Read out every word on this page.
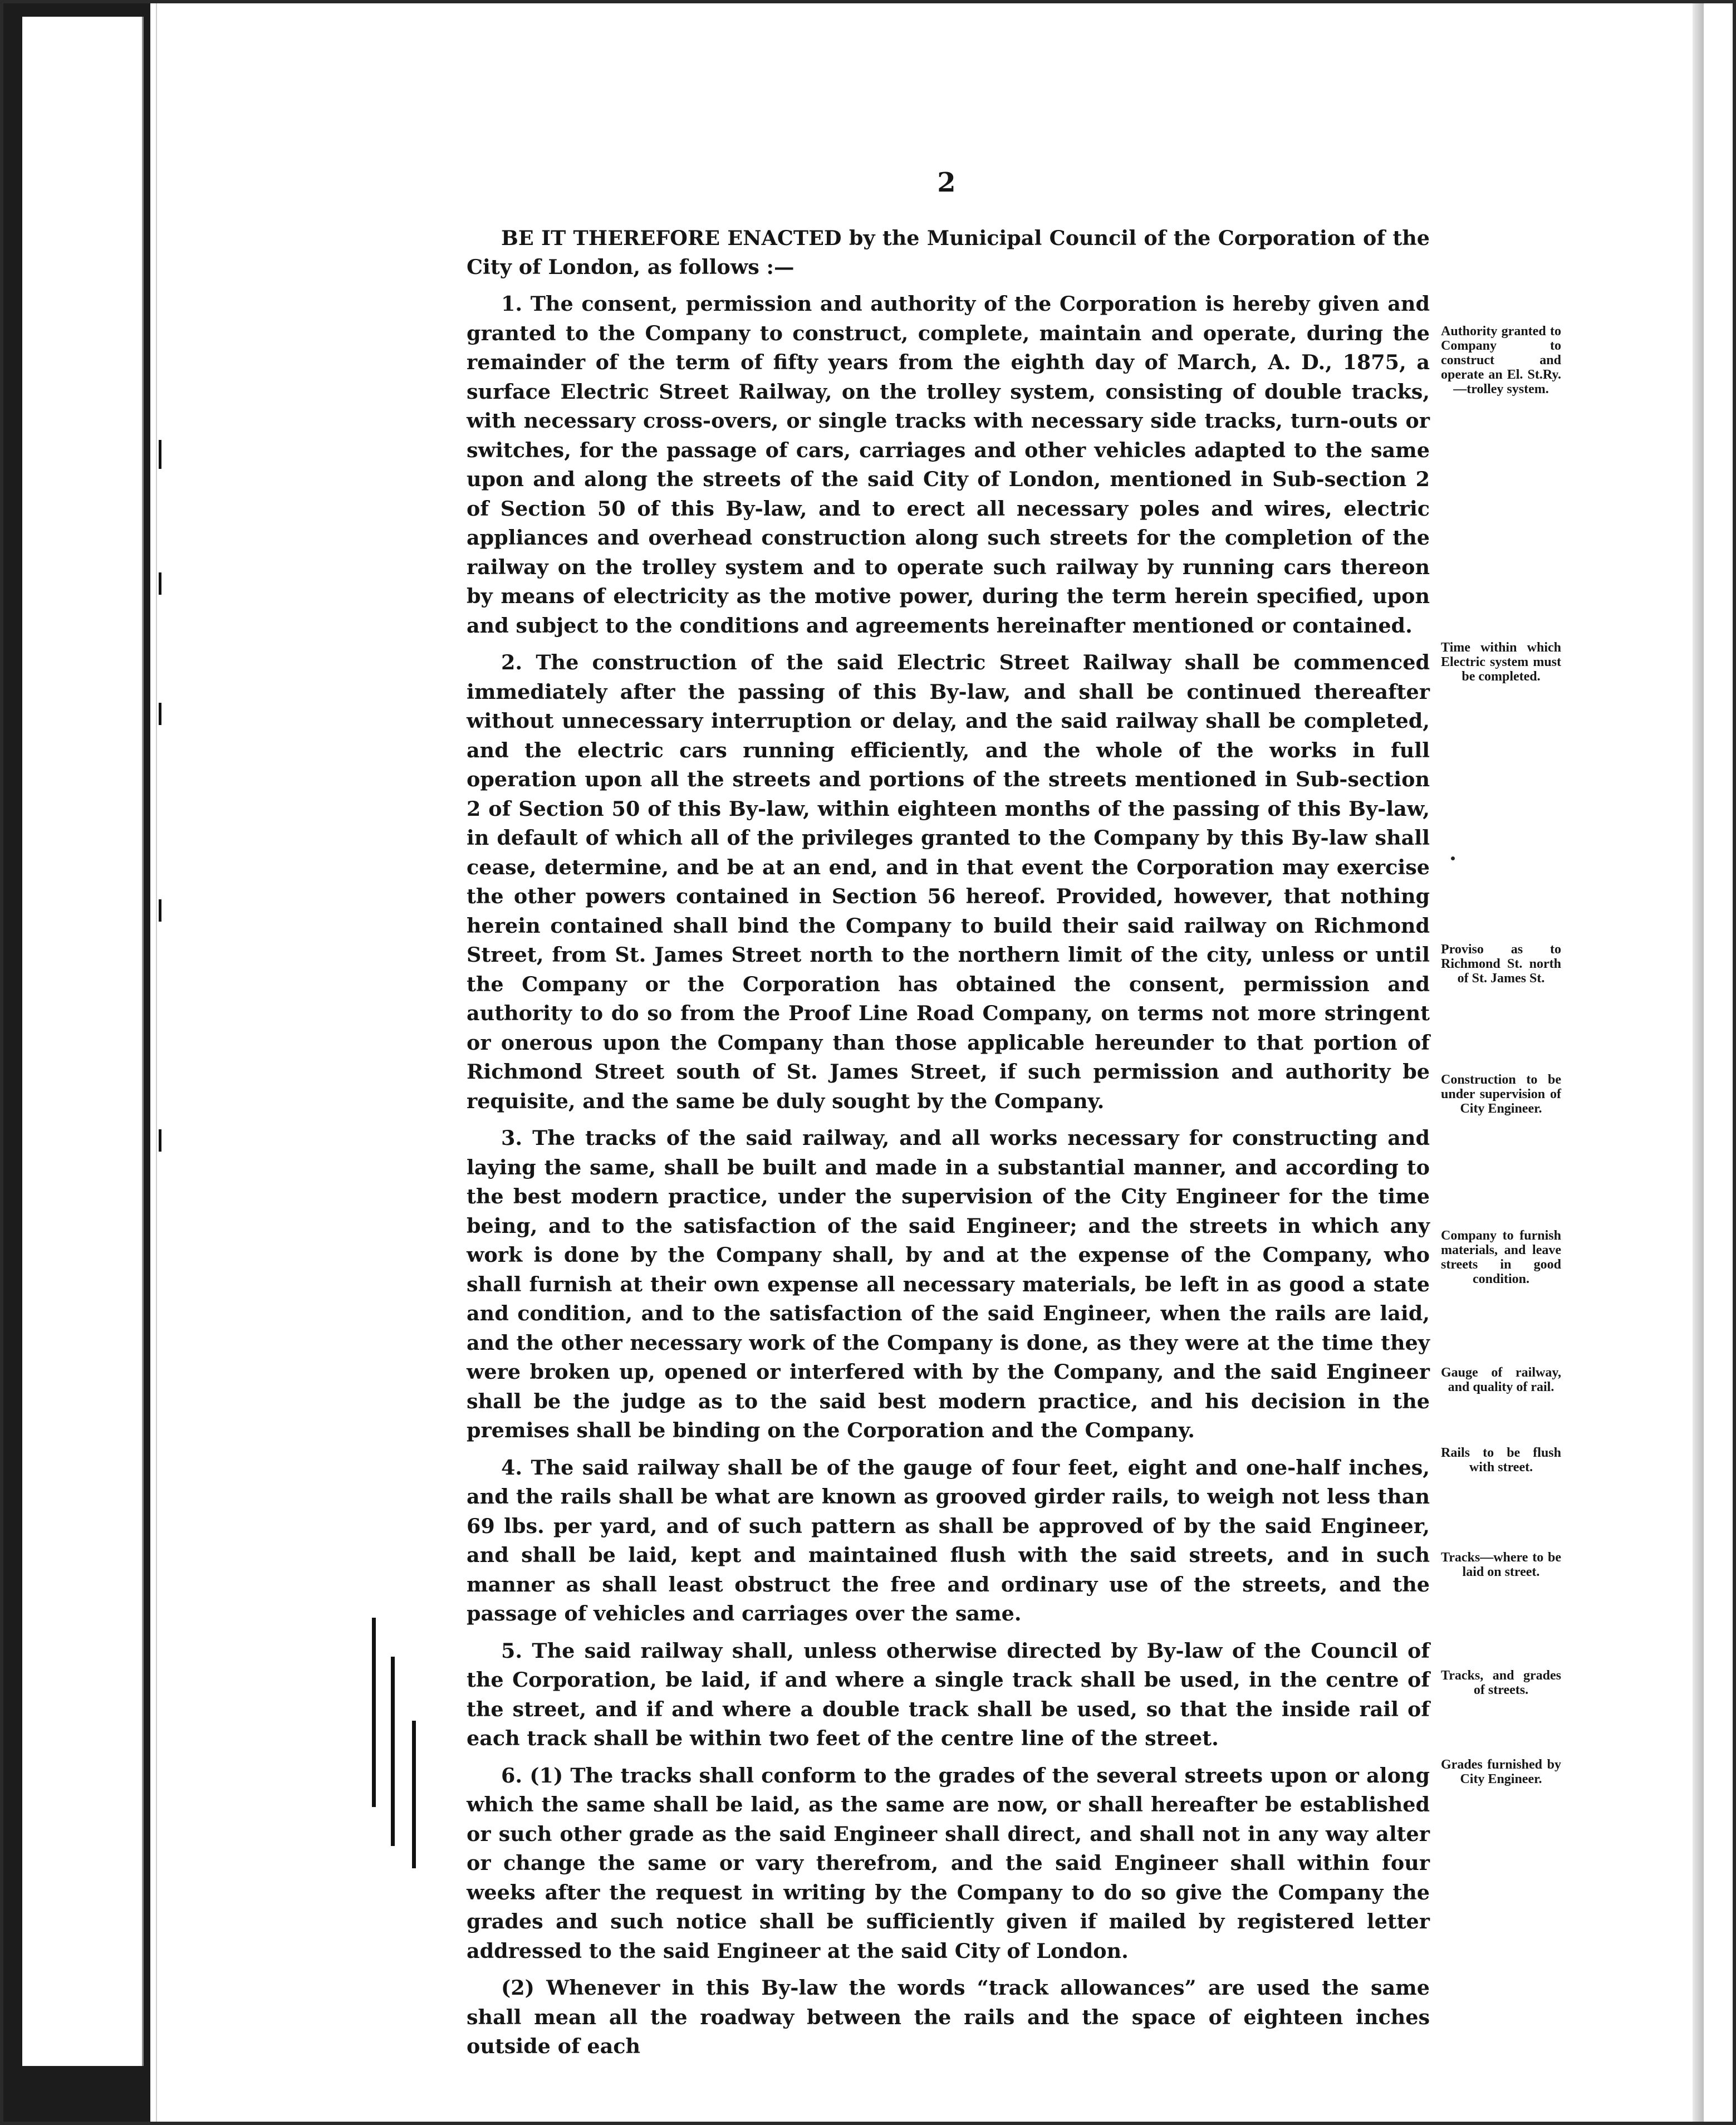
2

BE IT THEREFORE ENACTED by the Municipal Council of the Corporation of the City of London, as follows :—

1. The consent, permission and authority of the Corporation is hereby given and granted to the Company to construct, complete, maintain and operate, during the remainder of the term of fifty years from the eighth day of March, A. D., 1875, a surface Electric Street Railway, on the trolley system, consisting of double tracks, with necessary cross-overs, or single tracks with necessary side tracks, turn-outs or switches, for the passage of cars, carriages and other vehicles adapted to the same upon and along the streets of the said City of London, mentioned in Sub-section 2 of Section 50 of this By-law, and to erect all necessary poles and wires, electric appliances and overhead construction along such streets for the completion of the railway on the trolley system and to operate such railway by running cars thereon by means of electricity as the motive power, during the term herein specified, upon and subject to the conditions and agreements hereinafter mentioned or contained.

2. The construction of the said Electric Street Railway shall be commenced immediately after the passing of this By-law, and shall be continued thereafter without unnecessary interruption or delay, and the said railway shall be completed, and the electric cars running efficiently, and the whole of the works in full operation upon all the streets and portions of the streets mentioned in Sub-section 2 of Section 50 of this By-law, within eighteen months of the passing of this By-law, in default of which all of the privileges granted to the Company by this By-law shall cease, determine, and be at an end, and in that event the Corporation may exercise the other powers contained in Section 56 hereof. Provided, however, that nothing herein contained shall bind the Company to build their said railway on Richmond Street, from St. James Street north to the northern limit of the city, unless or until the Company or the Corporation has obtained the consent, permission and authority to do so from the Proof Line Road Company, on terms not more stringent or onerous upon the Company than those applicable hereunder to that portion of Richmond Street south of St. James Street, if such permission and authority be requisite, and the same be duly sought by the Company.

3. The tracks of the said railway, and all works necessary for constructing and laying the same, shall be built and made in a substantial manner, and according to the best modern practice, under the supervision of the City Engineer for the time being, and to the satisfaction of the said Engineer; and the streets in which any work is done by the Company shall, by and at the expense of the Company, who shall furnish at their own expense all necessary materials, be left in as good a state and condition, and to the satisfaction of the said Engineer, when the rails are laid, and the other necessary work of the Company is done, as they were at the time they were broken up, opened or interfered with by the Company, and the said Engineer shall be the judge as to the said best modern practice, and his decision in the premises shall be binding on the Corporation and the Company.

4. The said railway shall be of the gauge of four feet, eight and one-half inches, and the rails shall be what are known as grooved girder rails, to weigh not less than 69 lbs. per yard, and of such pattern as shall be approved of by the said Engineer, and shall be laid, kept and maintained flush with the said streets, and in such manner as shall least obstruct the free and ordinary use of the streets, and the passage of vehicles and carriages over the same.

5. The said railway shall, unless otherwise directed by By-law of the Council of the Corporation, be laid, if and where a single track shall be used, in the centre of the street, and if and where a double track shall be used, so that the inside rail of each track shall be within two feet of the centre line of the street.

6. (1) The tracks shall conform to the grades of the several streets upon or along which the same shall be laid, as the same are now, or shall hereafter be established or such other grade as the said Engineer shall direct, and shall not in any way alter or change the same or vary therefrom, and the said Engineer shall within four weeks after the request in writing by the Company to do so give the Company the grades and such notice shall be sufficiently given if mailed by registered letter addressed to the said Engineer at the said City of London.

(2) Whenever in this By-law the words “track allowances” are used the same shall mean all the roadway between the rails and the space of eighteen inches outside of each

Authority granted to Company to construct and operate an El. St.Ry.—trolley system.
Time within which Electric system must be completed.
Proviso as to Richmond St. north of St. James St.
Construction to be under supervision of City Engineer.
Company to furnish materials, and leave streets in good condition.
Gauge of railway, and quality of rail.
Rails to be flush with street.
Tracks—where to be laid on street.
Tracks, and grades of streets.
Grades furnished by City Engineer.
